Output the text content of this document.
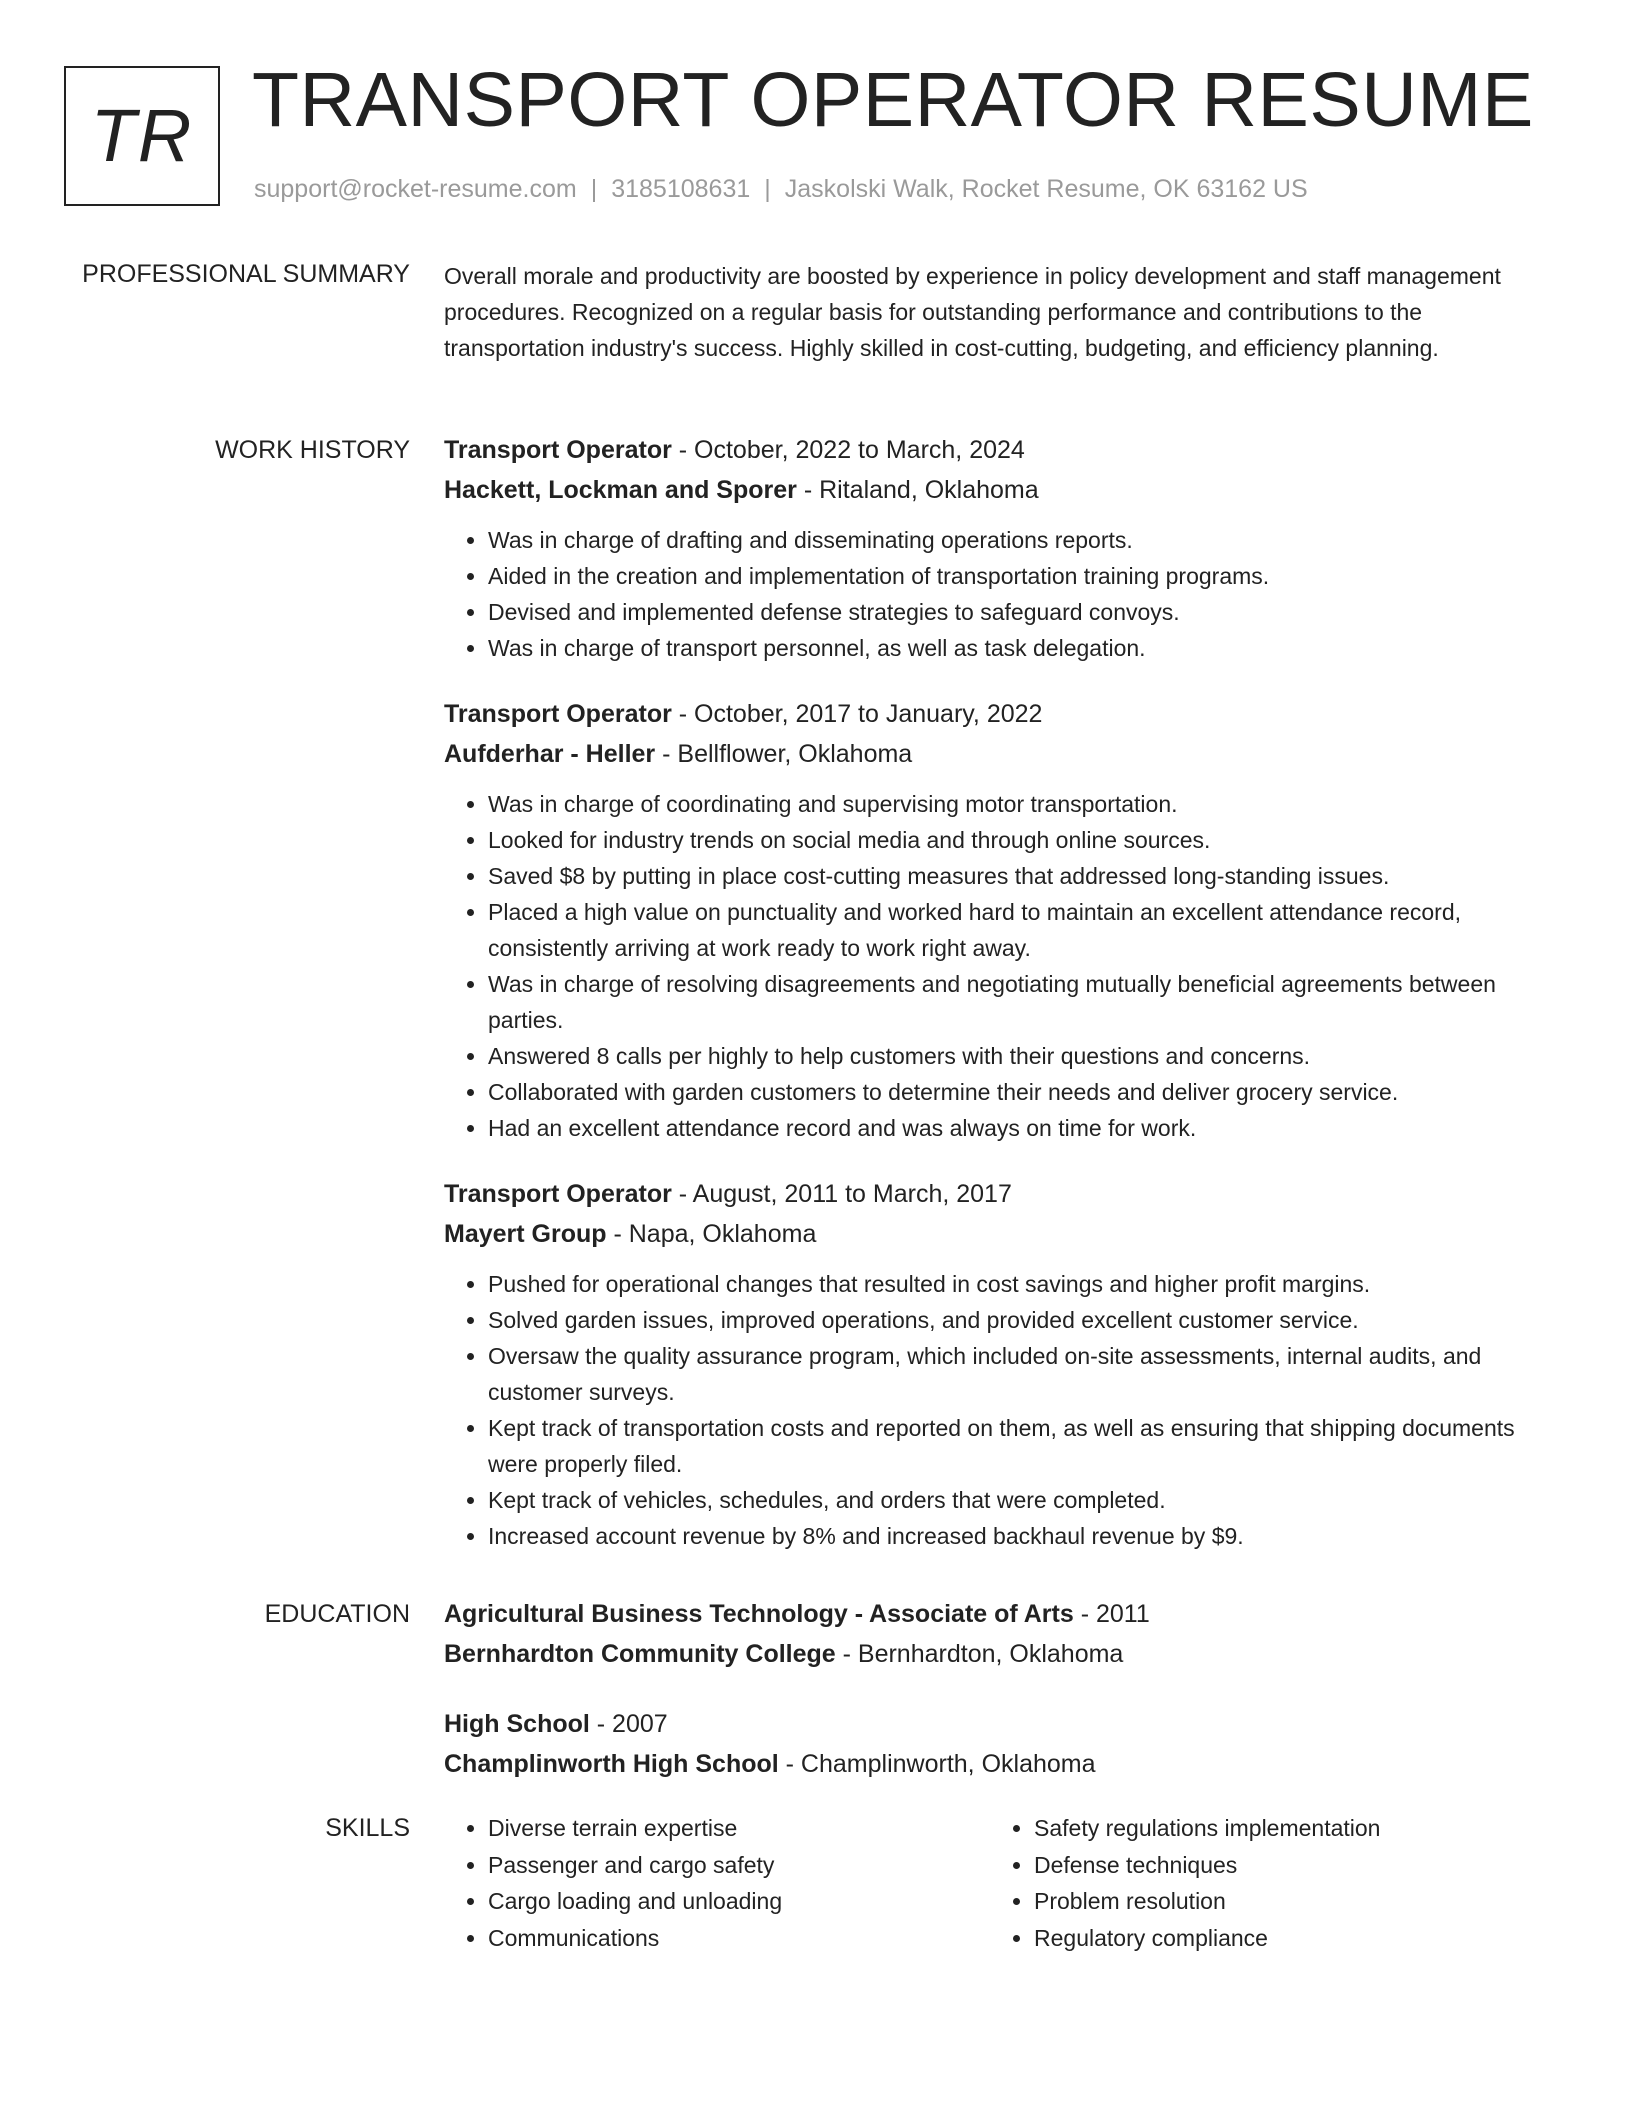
TR TRANSPORT OPERATOR RESUME
support@rocket-resume.com | 3185108631 | Jaskolski Walk, Rocket Resume, OK 63162 US
PROFESSIONAL SUMMARY Overall morale and productivity are boosted by experience in policy development and staff management procedures. Recognized on a regular basis for outstanding performance and contributions to the transportation industry's success. Highly skilled in cost-cutting, budgeting, and efficiency planning.
WORK HISTORY Transport Operator - October, 2022 to March, 2024
Hackett, Lockman and Sporer - Ritaland, Oklahoma
• Was in charge of drafting and disseminating operations reports.
• Aided in the creation and implementation of transportation training programs.
• Devised and implemented defense strategies to safeguard convoys.
• Was in charge of transport personnel, as well as task delegation.
Transport Operator - October, 2017 to January, 2022
Aufderhar - Heller - Bellflower, Oklahoma
• Was in charge of coordinating and supervising motor transportation.
• Looked for industry trends on social media and through online sources.
• Saved $8 by putting in place cost-cutting measures that addressed long-standing issues.
• Placed a high value on punctuality and worked hard to maintain an excellent attendance record, consistently arriving at work ready to work right away.
• Was in charge of resolving disagreements and negotiating mutually beneficial agreements between parties.
• Answered 8 calls per highly to help customers with their questions and concerns.
• Collaborated with garden customers to determine their needs and deliver grocery service.
• Had an excellent attendance record and was always on time for work.
Transport Operator - August, 2011 to March, 2017
Mayert Group - Napa, Oklahoma
• Pushed for operational changes that resulted in cost savings and higher profit margins.
• Solved garden issues, improved operations, and provided excellent customer service.
• Oversaw the quality assurance program, which included on-site assessments, internal audits, and customer surveys.
• Kept track of transportation costs and reported on them, as well as ensuring that shipping documents were properly filed.
• Kept track of vehicles, schedules, and orders that were completed.
• Increased account revenue by 8% and increased backhaul revenue by $9.
EDUCATION Agricultural Business Technology - Associate of Arts - 2011
Bernhardton Community College - Bernhardton, Oklahoma
High School - 2007
Champlinworth High School - Champlinworth, Oklahoma
SKILLS
•	Diverse terrain expertise
• Passenger and cargo safety
• Cargo loading and unloading
• Communications
• Safety regulations implementation
• Defense techniques
• Problem resolution
• Regulatory compliance
